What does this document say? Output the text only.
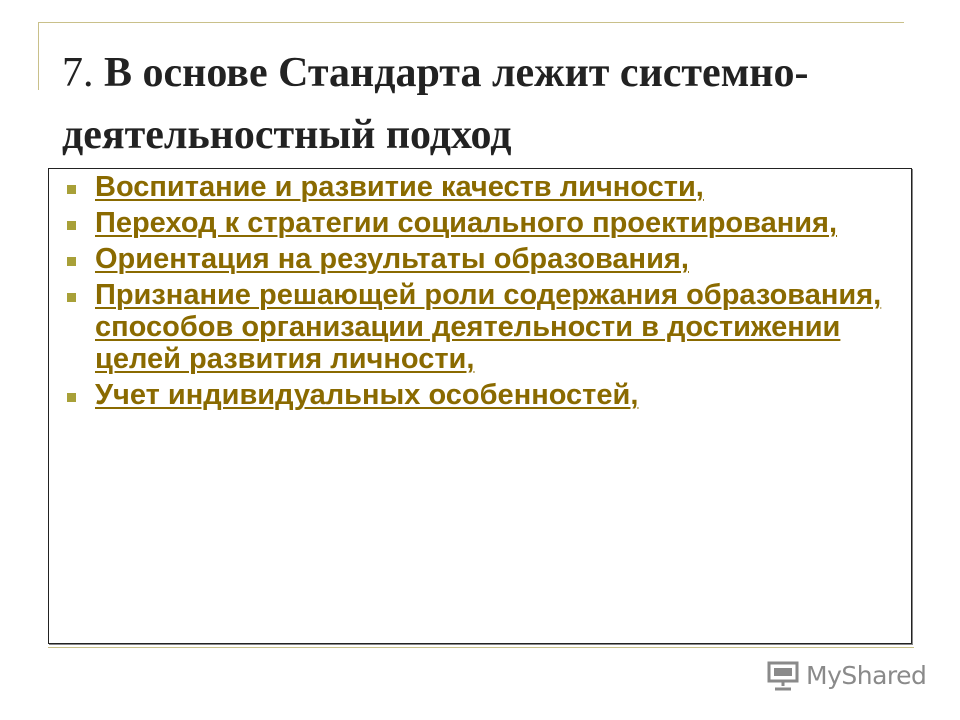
7. В основе Стандарта лежит системно-деятельностный подход
Воспитание и развитие качеств личности,
Переход к стратегии социального проектирования,
Ориентация на результаты образования,
Признание решающей роли содержания образования, способов организации деятельности в достижении целей развития личности,
Учет индивидуальных особенностей,
MyShared
